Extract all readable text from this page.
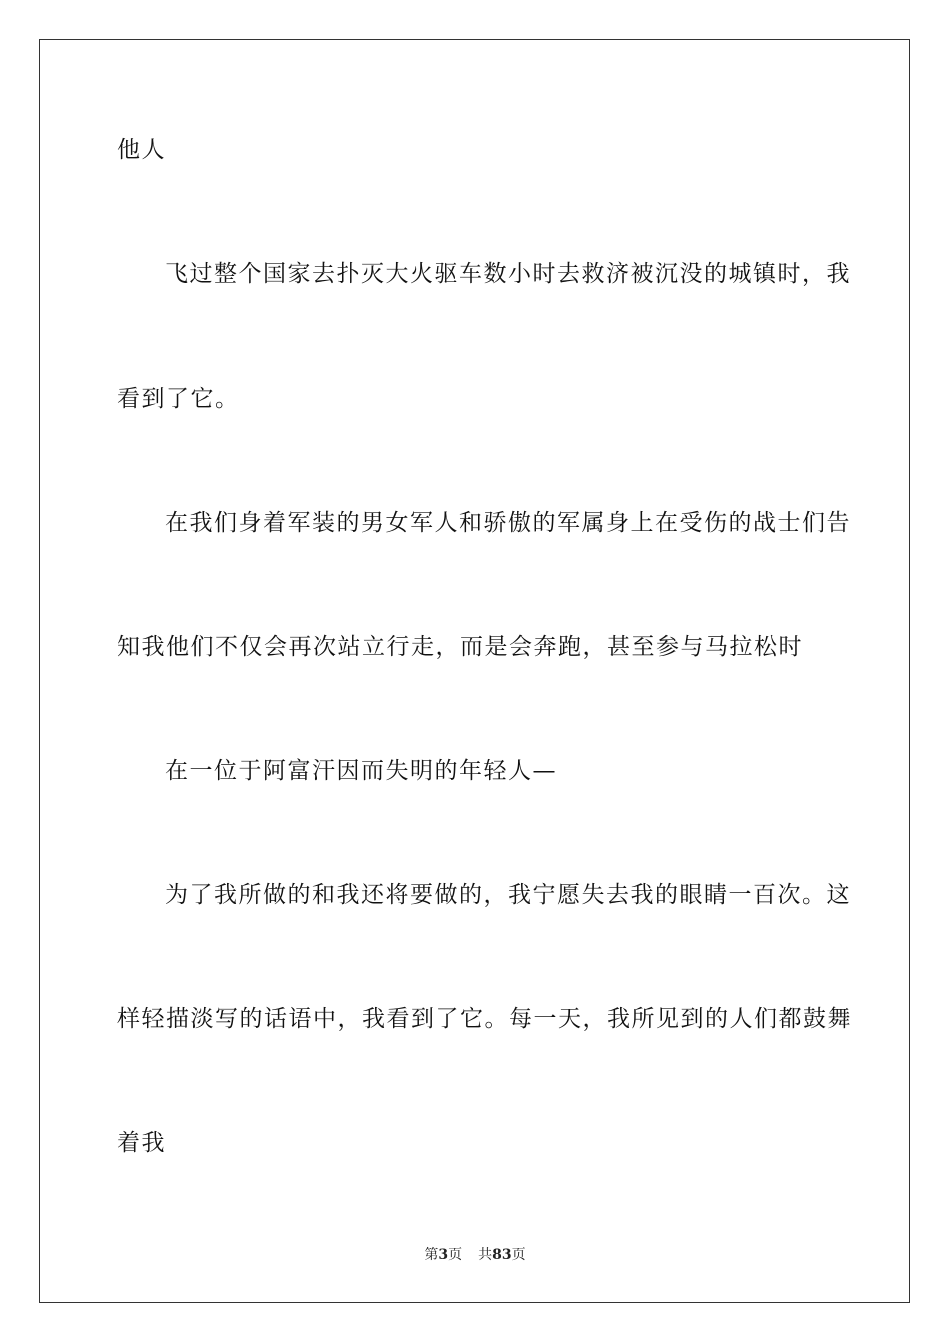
他人
飞过整个国家去扑灭大火驱车数小时去救济被沉没的城镇时，我
看到了它。
在我们身着军装的男女军人和骄傲的军属身上在受伤的战士们告
知我他们不仅会再次站立行走，而是会奔跑，甚至参与马拉松时
在一位于阿富汗因而失明的年轻人—
为了我所做的和我还将要做的，我宁愿失去我的眼睛一百次。这
样轻描淡写的话语中，我看到了它。每一天，我所见到的人们都鼓舞
着我
第3页 共83页
